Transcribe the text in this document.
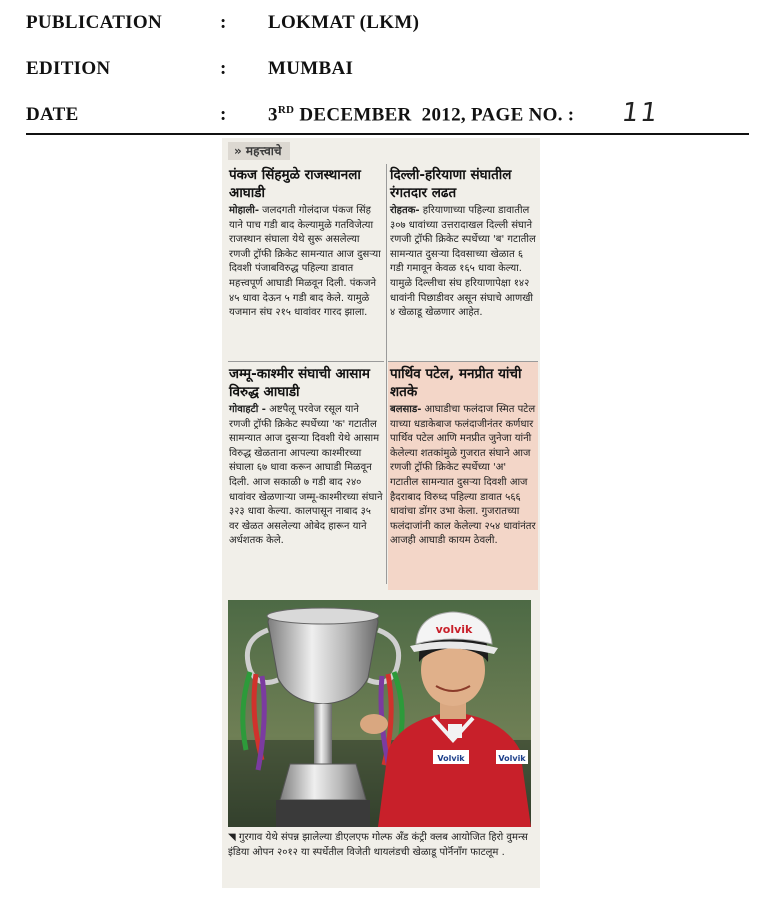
PUBLICATION	: LOKMAT (LKM)
EDITION	: MUMBAI
DATE	: 3RD DECEMBER  2012, PAGE NO. : 11
» महत्त्वाचे
पंकज सिंहमुळे राजस्थानला आघाडी
मोहाली- जलदगती गोलंदाज पंकज सिंह याने पाच गडी बाद केल्यामुळे गतविजेत्या राजस्थान संघाला येथे सुरू असलेल्या रणजी ट्रॉफी क्रिकेट सामन्यात आज दुसऱ्या दिवशी पंजाबविरुद्ध पहिल्या डावात महत्त्वपूर्ण आघाडी मिळवून दिली. पंकजने ४५ धावा देऊन ५ गडी बाद केले. यामुळे यजमान संघ २१५ धावांवर गारद झाला.
दिल्ली-हरियाणा संघातील रंगतदार लढत
रोहतक- हरियाणाच्या पहिल्या डावातील ३०७ धावांच्या उत्तरादाखल दिल्ली संघाने रणजी ट्रॉफी क्रिकेट स्पर्धेच्या 'ब' गटातील सामन्यात दुसऱ्या दिवसाच्या खेळात ६ गडी गमावून केवळ १६५ धावा केल्या. यामुळे दिल्लीचा संघ हरियाणापेक्षा १४२ धावांनी पिछाडीवर असून संघाचे आणखी ४ खेळाडू खेळणार आहेत.
जम्मू-काश्मीर संघाची आसाम विरुद्ध आघाडी
गोवाहटी - अष्टपैलू परवेज रसूल याने रणजी ट्रॉफी क्रिकेट स्पर्धेच्या 'क' गटातील सामन्यात आज दुसऱ्या दिवशी येथे आसाम विरुद्ध खेळताना आपल्या काश्मीरच्या संघाला ६७ धावा करून आघाडी मिळवून दिली. आज सकाळी ७ गडी बाद २४० धावांवर खेळणाऱ्या जम्मू-काश्मीरच्या संघाने ३२३ धावा केल्या. कालपासून नाबाद ३५ वर खेळत असलेल्या ओबेद हारून याने अर्धशतक केले.
पार्थिव पटेल, मनप्रीत यांची शतके
बलसाड- आघाडीचा फलंदाज स्मित पटेल याच्या धडाकेबाज फलंदाजीनंतर कर्णधार पार्थिव पटेल आणि मनप्रीत जुनेजा यांनी केलेल्या शतकांमुळे गुजरात संघाने आज रणजी ट्रॉफी क्रिकेट स्पर्धेच्या 'अ' गटातील सामन्यात दुसऱ्या दिवशी आज हैदराबाद विरुध्द पहिल्या डावात ५६६ धावांचा डोंगर उभा केला. गुजरातच्या फलंदाजांनी काल केलेल्या २५४ धावांनंतर आजही आघाडी कायम ठेवली.
volvik
Volvik	Volvik
◥ गुरगाव येथे संपन्न झालेल्या डीएलएफ गोल्फ अँड कंट्री क्लब आयोजित हिरो वुमन्स इंडिया ओपन २०१२ या स्पर्धेतील विजेती थायलंडची खेळाडू पोर्नॅनॉंग फाटलूम .
